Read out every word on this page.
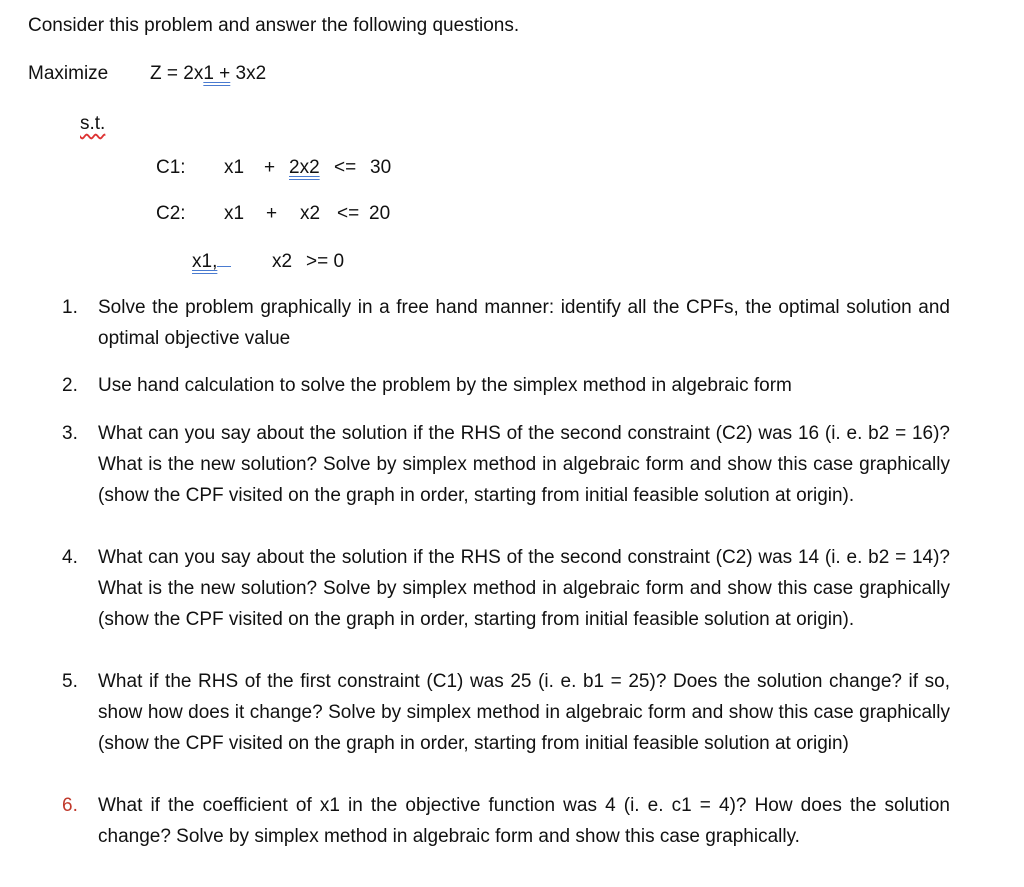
Consider this problem and answer the following questions.
Maximize Z = 2x1 + 3x2
s.t.
C1: x1 + 2x2 <= 30
C2: x1 + x2 <= 20
x1,	x2 >= 0
1.	Solve the problem graphically in a free hand manner: identify all the CPFs, the optimal solution and optimal objective value
2.	Use hand calculation to solve the problem by the simplex method in algebraic form
3.	What can you say about the solution if the RHS of the second constraint (C2) was 16 (i. e. b2 = 16)? What is the new solution? Solve by simplex method in algebraic form and show this case graphically (show the CPF visited on the graph in order, starting from initial feasible solution at origin).
4.	What can you say about the solution if the RHS of the second constraint (C2) was 14 (i. e. b2 = 14)? What is the new solution? Solve by simplex method in algebraic form and show this case graphically (show the CPF visited on the graph in order, starting from initial feasible solution at origin).
5.	What if the RHS of the first constraint (C1) was 25 (i. e. b1 = 25)? Does the solution change? if so, show how does it change? Solve by simplex method in algebraic form and show this case graphically (show the CPF visited on the graph in order, starting from initial feasible solution at origin)
6.	What if the coefficient of x1 in the objective function was 4 (i. e. c1 = 4)? How does the solution change? Solve by simplex method in algebraic form and show this case graphically.
